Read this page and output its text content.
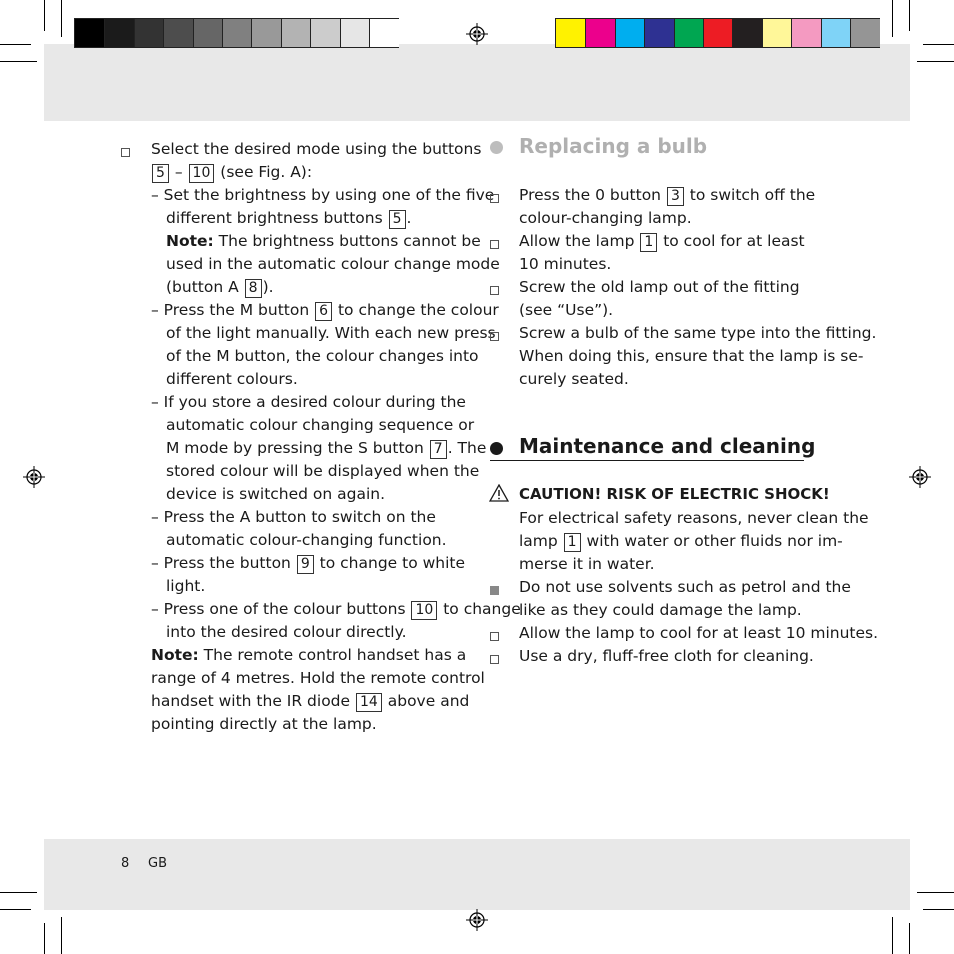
Select the desired mode using the buttons
5 – 10 (see Fig. A):
– Set the brightness by using one of the five
different brightness buttons 5 .
Note: The brightness buttons cannot be
used in the automatic colour change mode
(button A 8 ).
– Press the M button 6 to change the colour
of the light manually. With each new press
of the M button, the colour changes into
different colours.
– If you store a desired colour during the
automatic colour changing sequence or
M mode by pressing the S button 7 . The
stored colour will be displayed when the
device is switched on again.
– Press the A button to switch on the
automatic colour-changing function.
– Press the button 9 to change to white
light.
– Press one of the colour buttons 10 to change
into the desired colour directly.
Note: The remote control handset has a
range of 4 metres. Hold the remote control
handset with the IR diode 14 above and
pointing directly at the lamp.
Replacing a bulb
Press the 0 button 3 to switch off the
colour-changing lamp.
Allow the lamp 1 to cool for at least
10 minutes.
Screw the old lamp out of the fitting
(see “Use”).
Screw a bulb of the same type into the fitting.
When doing this, ensure that the lamp is se-
curely seated.
Maintenance and cleaning
CAUTION! RISK OF ELECTRIC SHOCK!
For electrical safety reasons, never clean the
lamp 1 with water or other fluids nor im-
merse it in water.
Do not use solvents such as petrol and the
like as they could damage the lamp.
Allow the lamp to cool for at least 10 minutes.
Use a dry, fluff-free cloth for cleaning.
8 GB
